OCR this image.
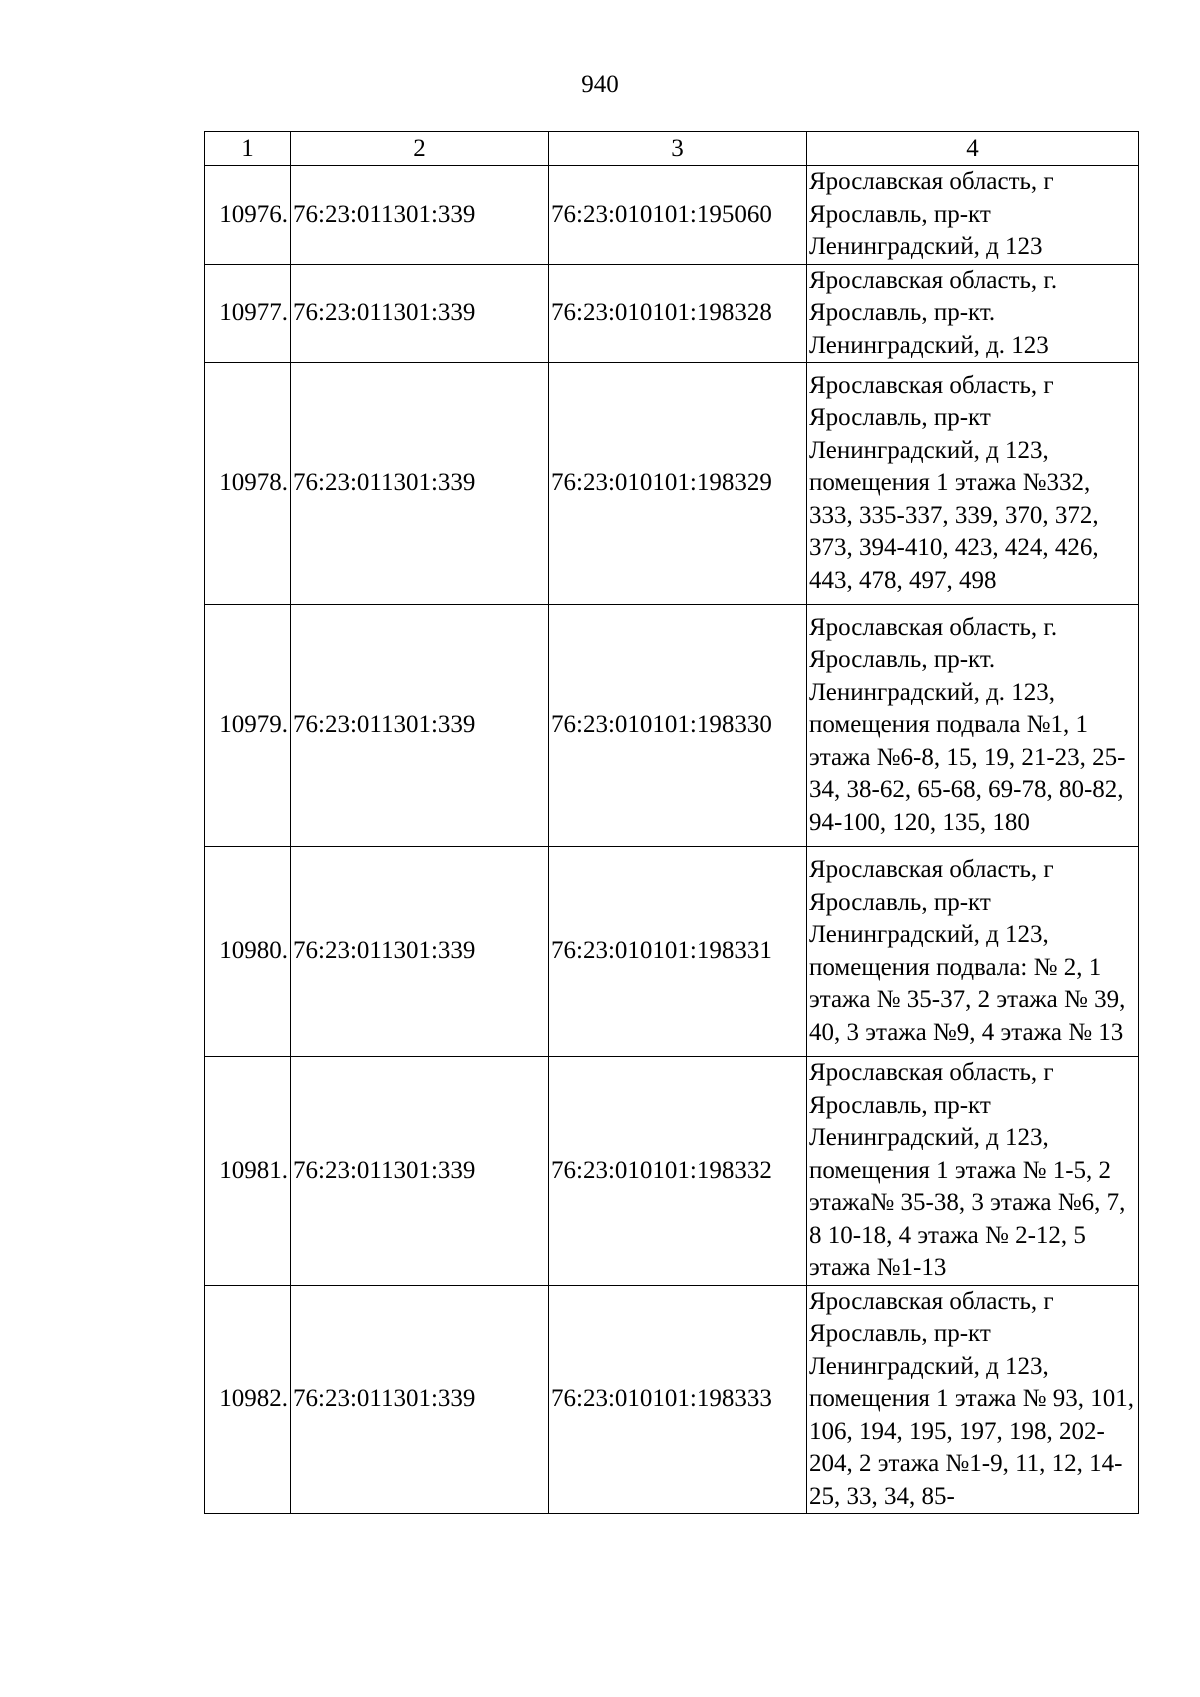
940
1	2	3	4
10976.	76:23:011301:339	76:23:010101:195060	Ярославская область, г Ярославль, пр-кт Ленинградский, д 123
10977.	76:23:011301:339	76:23:010101:198328	Ярославская область, г. Ярославль, пр-кт. Ленинградский, д. 123
10978.	76:23:011301:339	76:23:010101:198329	Ярославская область, г Ярославль, пр-кт Ленинградский, д 123, помещения 1 этажа №332, 333, 335-337, 339, 370, 372, 373, 394-410, 423, 424, 426, 443, 478, 497, 498
10979.	76:23:011301:339	76:23:010101:198330	Ярославская область, г. Ярославль, пр-кт. Ленинградский, д. 123, помещения подвала №1, 1 этажа №6-8, 15, 19, 21-23, 25-34, 38-62, 65-68, 69-78, 80-82, 94-100, 120, 135, 180
10980.	76:23:011301:339	76:23:010101:198331	Ярославская область, г Ярославль, пр-кт Ленинградский, д 123, помещения подвала: № 2, 1 этажа № 35-37, 2 этажа № 39, 40, 3 этажа №9, 4 этажа № 13
10981.	76:23:011301:339	76:23:010101:198332	Ярославская область, г Ярославль, пр-кт Ленинградский, д 123, помещения 1 этажа № 1-5, 2 этажа№ 35-38, 3 этажа №6, 7, 8 10-18, 4 этажа № 2-12, 5 этажа №1-13
10982.	76:23:011301:339	76:23:010101:198333	Ярославская область, г Ярославль, пр-кт Ленинградский, д 123, помещения 1 этажа № 93, 101, 106, 194, 195, 197, 198, 202-204, 2 этажа №1-9, 11, 12, 14-25, 33, 34, 85-
